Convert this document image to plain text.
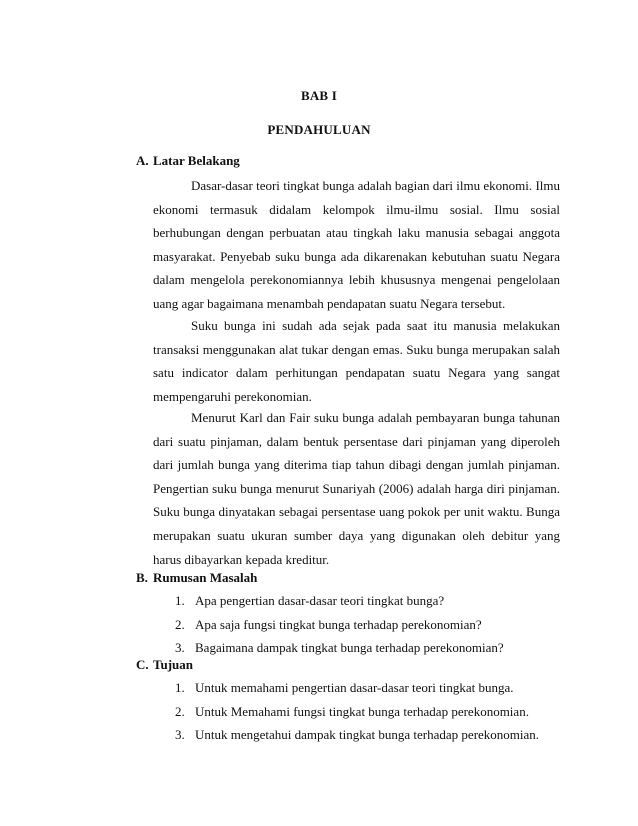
BAB I
PENDAHULUAN
A. Latar Belakang

Dasar-dasar teori tingkat bunga adalah bagian dari ilmu ekonomi. Ilmu ekonomi termasuk didalam kelompok ilmu-ilmu sosial. Ilmu sosial berhubungan dengan perbuatan atau tingkah laku manusia sebagai anggota masyarakat. Penyebab suku bunga ada dikarenakan kebutuhan suatu Negara dalam mengelola perekonomiannya lebih khususnya mengenai pengelolaan uang agar bagaimana menambah pendapatan suatu Negara tersebut.

Suku bunga ini sudah ada sejak pada saat itu manusia melakukan transaksi menggunakan alat tukar dengan emas. Suku bunga merupakan salah satu indicator dalam perhitungan pendapatan suatu Negara yang sangat mempengaruhi perekonomian.

Menurut Karl dan Fair suku bunga adalah pembayaran bunga tahunan dari suatu pinjaman, dalam bentuk persentase dari pinjaman yang diperoleh dari jumlah bunga yang diterima tiap tahun dibagi dengan jumlah pinjaman. Pengertian suku bunga menurut Sunariyah (2006) adalah harga diri pinjaman. Suku bunga dinyatakan sebagai persentase uang pokok per unit waktu. Bunga merupakan suatu ukuran sumber daya yang digunakan oleh debitur yang harus dibayarkan kepada kreditur.

B. Rumusan Masalah
1. Apa pengertian dasar-dasar teori tingkat bunga?
2. Apa saja fungsi tingkat bunga terhadap perekonomian?
3. Bagaimana dampak tingkat bunga terhadap perekonomian?
C. Tujuan
1. Untuk memahami pengertian dasar-dasar teori tingkat bunga.
2. Untuk Memahami fungsi tingkat bunga terhadap perekonomian.
3. Untuk mengetahui dampak tingkat bunga terhadap perekonomian.
